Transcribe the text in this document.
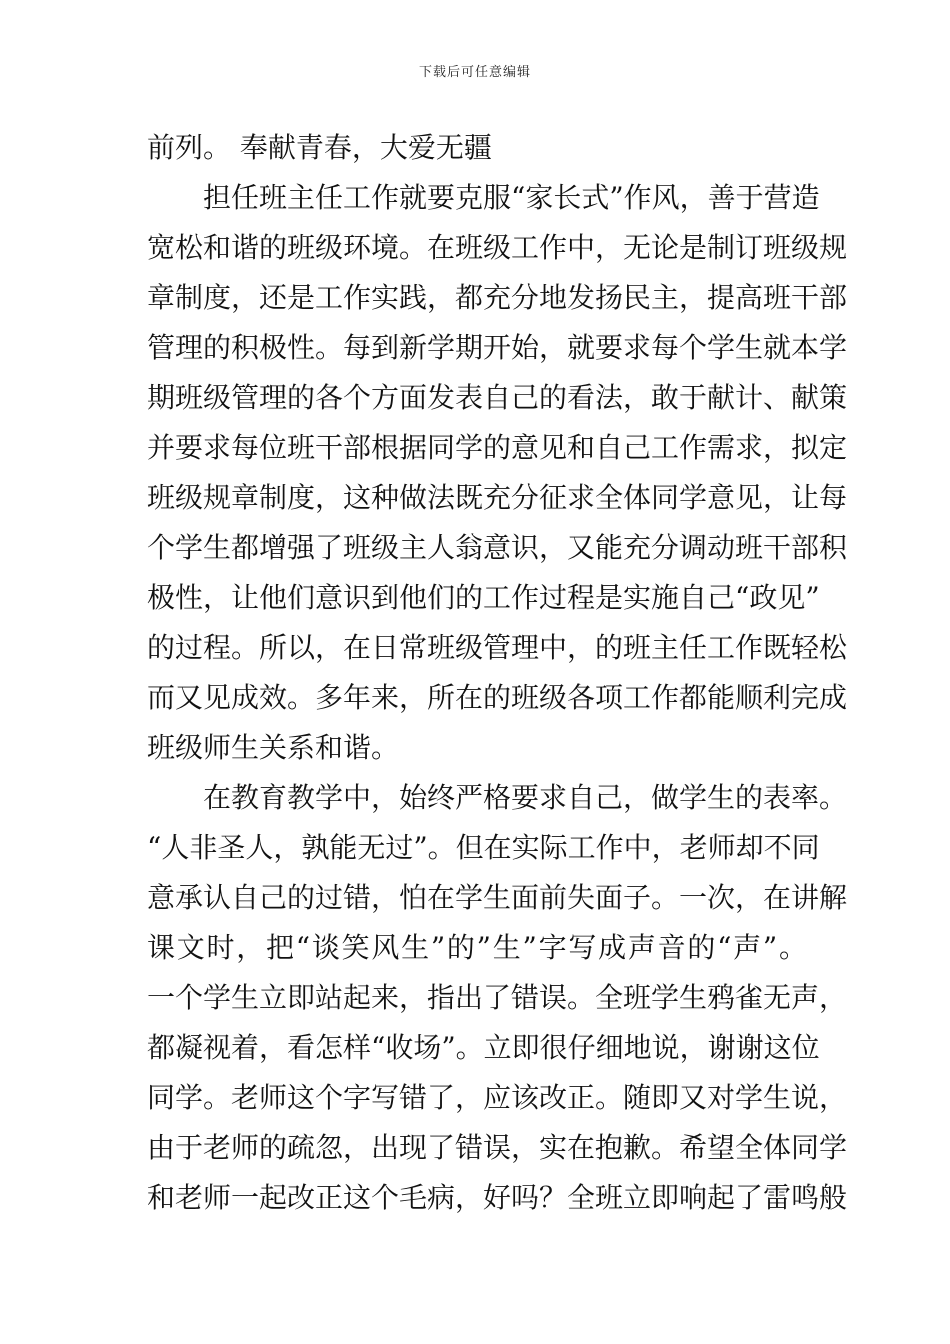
下载后可任意编辑
前列。 奉献青春，大爱无疆
担任班主任工作就要克服“家长式”作风，善于营造
宽松和谐的班级环境。在班级工作中，无论是制订班级规
章制度，还是工作实践，都充分地发扬民主，提高班干部
管理的积极性。每到新学期开始，就要求每个学生就本学
期班级管理的各个方面发表自己的看法，敢于献计、献策
并要求每位班干部根据同学的意见和自己工作需求，拟定
班级规章制度，这种做法既充分征求全体同学意见，让每
个学生都增强了班级主人翁意识，又能充分调动班干部积
极性，让他们意识到他们的工作过程是实施自己“政见”
的过程。所以，在日常班级管理中，的班主任工作既轻松
而又见成效。多年来，所在的班级各项工作都能顺利完成
班级师生关系和谐。
在教育教学中，始终严格要求自己，做学生的表率。
“人非圣人，孰能无过”。但在实际工作中，老师却不同
意承认自己的过错，怕在学生面前失面子。一次，在讲解
课文时，把“谈笑风生”的”生”字写成声音的“声”。
一个学生立即站起来，指出了错误。全班学生鸦雀无声，
都凝视着，看怎样“收场”。立即很仔细地说，谢谢这位
同学。老师这个字写错了，应该改正。随即又对学生说，
由于老师的疏忽，出现了错误，实在抱歉。希望全体同学
和老师一起改正这个毛病，好吗？全班立即响起了雷鸣般
